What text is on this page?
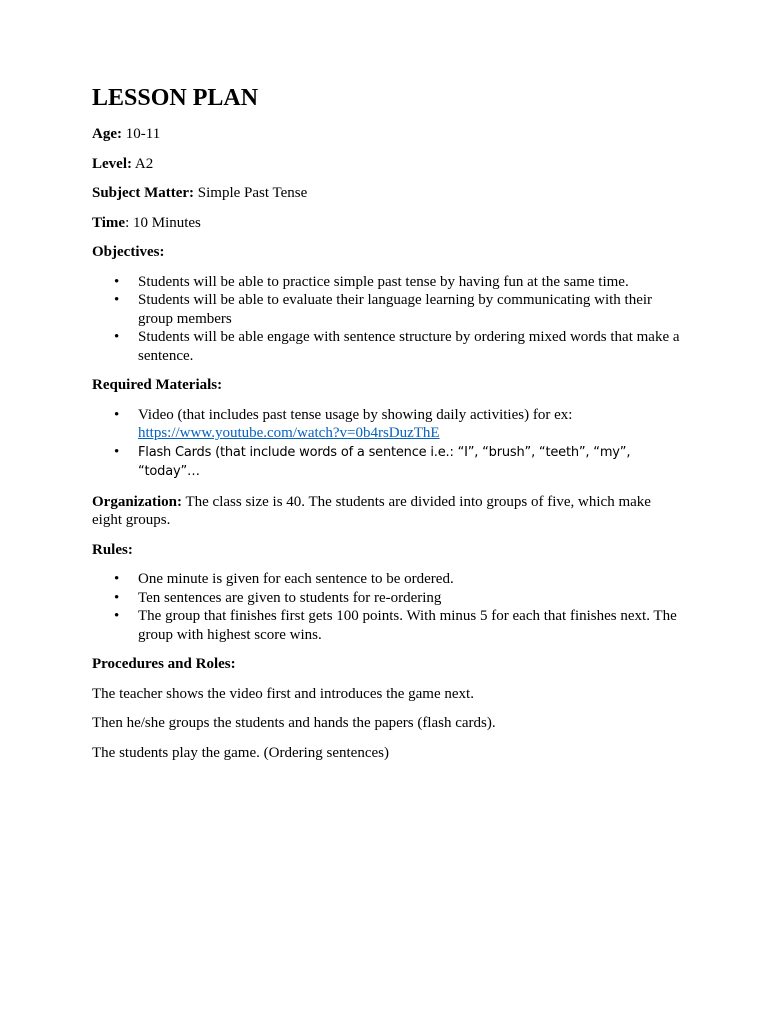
LESSON PLAN
Age: 10-11
Level: A2
Subject Matter: Simple Past Tense
Time: 10 Minutes
Objectives:
• Students will be able to practice simple past tense by having fun at the same time.
• Students will be able to evaluate their language learning by communicating with their group members
• Students will be able engage with sentence structure by ordering mixed words that make a sentence.
Required Materials:
• Video (that includes past tense usage by showing daily activities) for ex:
https://www.youtube.com/watch?v=0b4rsDuzThE
• Flash Cards (that include words of a sentence i.e.: “I”, “brush”, “teeth”, “my”, “today”…
Organization: The class size is 40. The students are divided into groups of five, which make eight groups.
Rules:
• One minute is given for each sentence to be ordered.
• Ten sentences are given to students for re-ordering
• The group that finishes first gets 100 points. With minus 5 for each that finishes next. The group with highest score wins.
Procedures and Roles:

The teacher shows the video first and introduces the game next.

Then he/she groups the students and hands the papers (flash cards).

The students play the game. (Ordering sentences)
